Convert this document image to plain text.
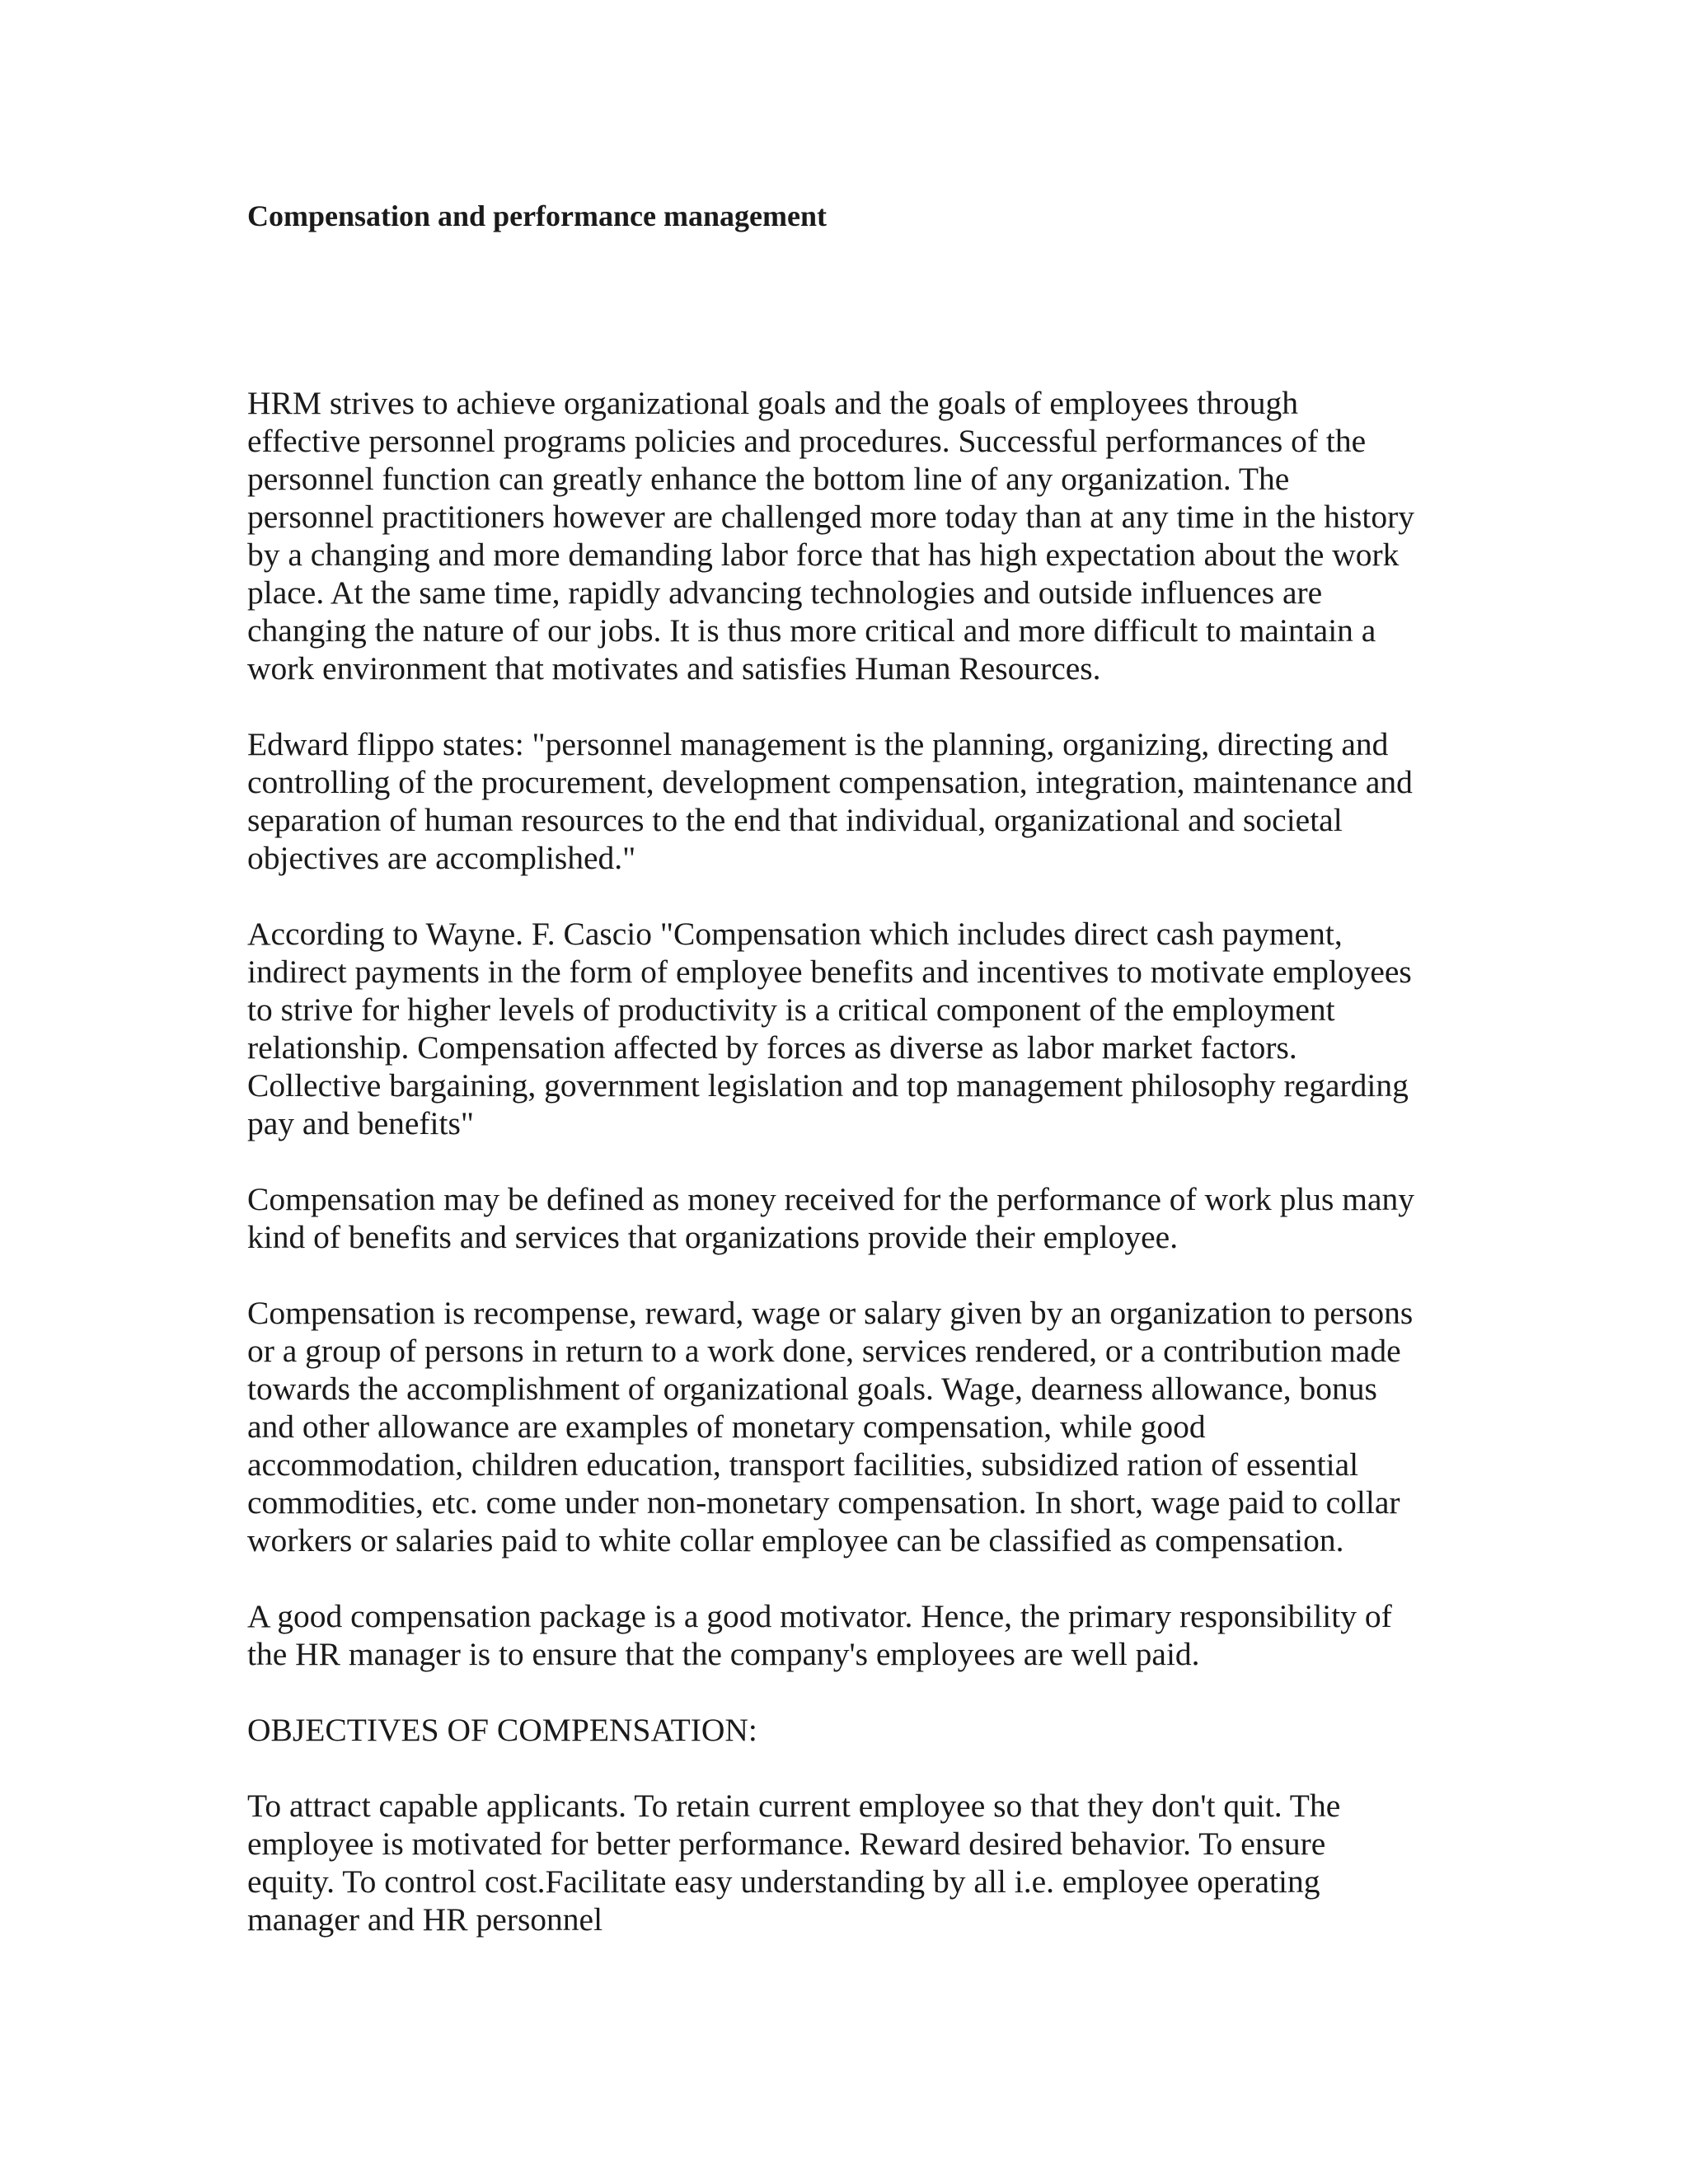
Compensation and performance management

HRM strives to achieve organizational goals and the goals of employees through
effective personnel programs policies and procedures. Successful performances of the
personnel function can greatly enhance the bottom line of any organization. The
personnel practitioners however are challenged more today than at any time in the history
by a changing and more demanding labor force that has high expectation about the work
place. At the same time, rapidly advancing technologies and outside influences are
changing the nature of our jobs. It is thus more critical and more difficult to maintain a
work environment that motivates and satisfies Human Resources.

Edward flippo states: "personnel management is the planning, organizing, directing and
controlling of the procurement, development compensation, integration, maintenance and
separation of human resources to the end that individual, organizational and societal
objectives are accomplished."

According to Wayne. F. Cascio "Compensation which includes direct cash payment,
indirect payments in the form of employee benefits and incentives to motivate employees
to strive for higher levels of productivity is a critical component of the employment
relationship. Compensation affected by forces as diverse as labor market factors.
Collective bargaining, government legislation and top management philosophy regarding
pay and benefits"

Compensation may be defined as money received for the performance of work plus many
kind of benefits and services that organizations provide their employee.

Compensation is recompense, reward, wage or salary given by an organization to persons
or a group of persons in return to a work done, services rendered, or a contribution made
towards the accomplishment of organizational goals. Wage, dearness allowance, bonus
and other allowance are examples of monetary compensation, while good
accommodation, children education, transport facilities, subsidized ration of essential
commodities, etc. come under non-monetary compensation. In short, wage paid to collar
workers or salaries paid to white collar employee can be classified as compensation.

A good compensation package is a good motivator. Hence, the primary responsibility of
the HR manager is to ensure that the company's employees are well paid.

OBJECTIVES OF COMPENSATION:

To attract capable applicants. To retain current employee so that they don't quit. The
employee is motivated for better performance. Reward desired behavior. To ensure
equity. To control cost.Facilitate easy understanding by all i.e. employee operating
manager and HR personnel
